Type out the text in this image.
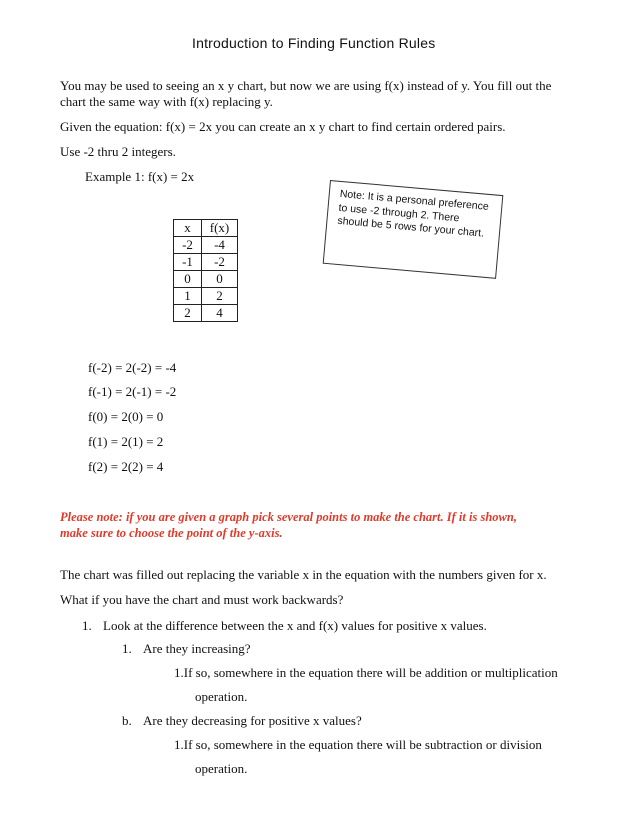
Introduction to Finding Function Rules
You may be used to seeing an x y chart, but now we are using f(x) instead of y. You fill out the
chart the same way with f(x) replacing y.
Given the equation: f(x) = 2x you can create an x y chart to find certain ordered pairs.
Use -2 thru 2 integers.
Example 1: f(x) = 2x
Note: It is a personal preference to use -2 through 2. There should be 5 rows for your chart.
x	f(x)
-2	-4
-1	-2
0	0
1	2
2	4
f(-2) = 2(-2) = -4
f(-1) = 2(-1) = -2
f(0) = 2(0) = 0
f(1) = 2(1) = 2
f(2) = 2(2) = 4
Please note: if you are given a graph pick several points to make the chart. If it is shown,
make sure to choose the point of the y-axis.
The chart was filled out replacing the variable x in the equation with the numbers given for x.
What if you have the chart and must work backwards?
1. Look at the difference between the x and f(x) values for positive x values.
1. Are they increasing?
1.If so, somewhere in the equation there will be addition or multiplication
operation.
b. Are they decreasing for positive x values?
1.If so, somewhere in the equation there will be subtraction or division
operation.
